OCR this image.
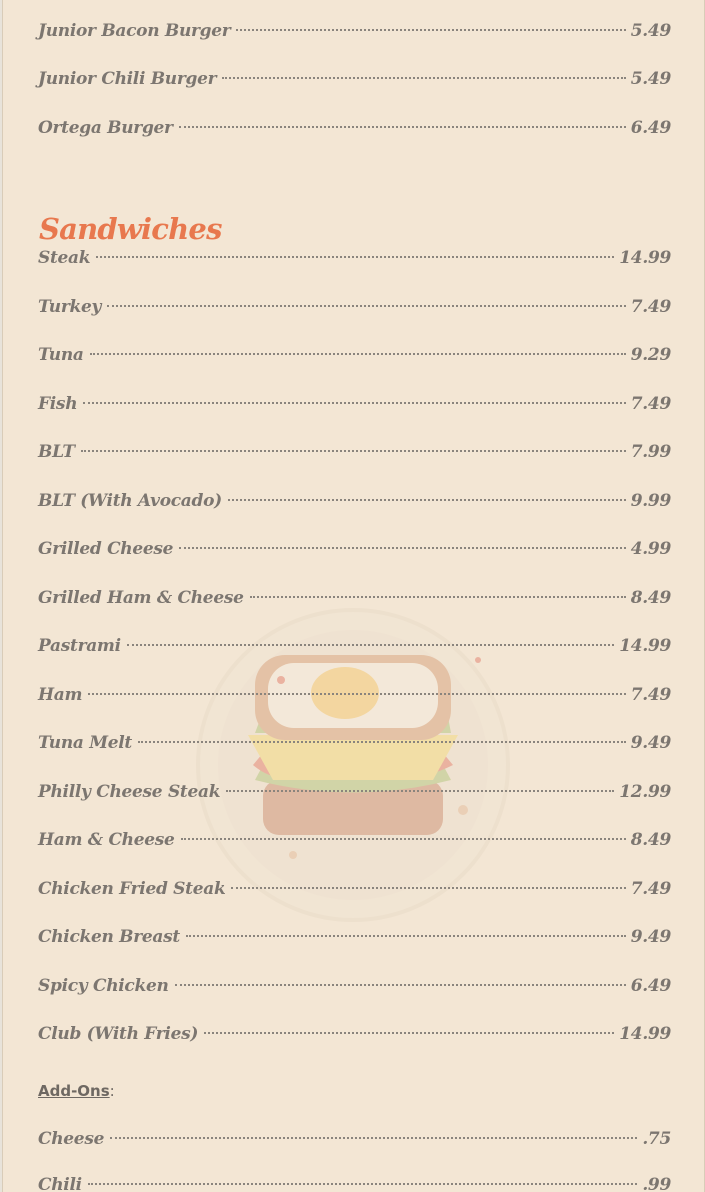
Junior Bacon Burger	5.49
Junior Chili Burger	5.49
Ortega Burger	6.49
Sandwiches
Steak	14.99
Turkey	7.49
Tuna	9.29
Fish	7.49
BLT	7.99
BLT (With Avocado)	9.99
Grilled Cheese	4.99
Grilled Ham & Cheese	8.49
Pastrami	14.99
Ham	7.49
Tuna Melt	9.49
Philly Cheese Steak	12.99
Ham & Cheese	8.49
Chicken Fried Steak	7.49
Chicken Breast	9.49
Spicy Chicken	6.49
Club (With Fries)	14.99
Add-Ons:
Cheese	.75
Chili	.99
